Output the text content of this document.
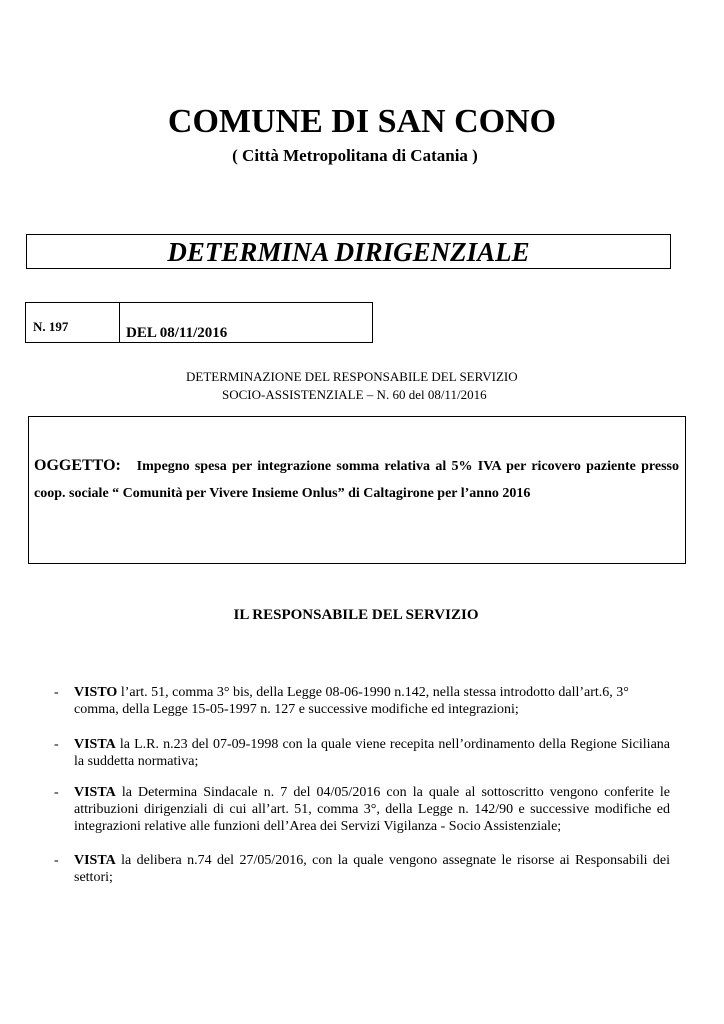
COMUNE DI SAN CONO
( Città Metropolitana di Catania )
DETERMINA DIRIGENZIALE
N. 197	DEL 08/11/2016
DETERMINAZIONE DEL RESPONSABILE DEL SERVIZIO
SOCIO-ASSISTENZIALE – N. 60 del 08/11/2016
OGGETTO: Impegno spesa per integrazione somma relativa al 5% IVA per ricovero paziente presso coop. sociale “ Comunità per Vivere Insieme Onlus” di Caltagirone per l’anno 2016
IL RESPONSABILE DEL SERVIZIO
-	VISTO l’art. 51, comma 3° bis, della Legge 08-06-1990 n.142, nella stessa introdotto dall’art.6, 3° comma, della Legge 15-05-1997 n. 127 e successive modifiche ed integrazioni;
-	VISTA la L.R. n.23 del 07-09-1998 con la quale viene recepita nell’ordinamento della Regione Siciliana la suddetta normativa;
-	VISTA la Determina Sindacale n. 7 del 04/05/2016 con la quale al sottoscritto vengono conferite le attribuzioni dirigenziali di cui all’art. 51, comma 3°, della Legge n. 142/90 e successive modifiche ed integrazioni relative alle funzioni dell’Area dei Servizi Vigilanza - Socio Assistenziale;
-	VISTA la delibera n.74 del 27/05/2016, con la quale vengono assegnate le risorse ai Responsabili dei settori;
